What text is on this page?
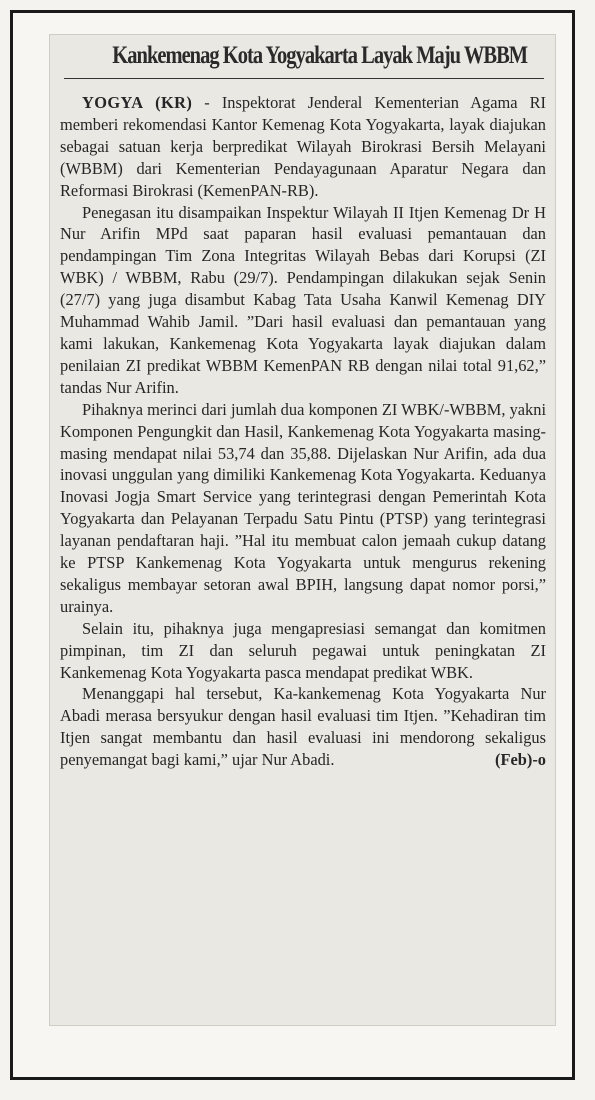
Kankemenag Kota Yogyakarta Layak Maju WBBM

YOGYA (KR) - Inspektorat Jenderal Kementerian Agama RI memberi rekomendasi Kantor Kemenag Kota Yogyakarta, layak diajukan sebagai satuan kerja berpredikat Wilayah Birokrasi Bersih Melayani (WBBM) dari Kementerian Pendayagunaan Aparatur Negara dan Reformasi Birokrasi (KemenPAN-RB).

Penegasan itu disampaikan Inspektur Wilayah II Itjen Kemenag Dr H Nur Arifin MPd saat paparan hasil evaluasi pemantauan dan pendampingan Tim Zona Integritas Wilayah Bebas dari Korupsi (ZI WBK) / WBBM, Rabu (29/7). Pendampingan dilakukan sejak Senin (27/7) yang juga disambut Kabag Tata Usaha Kanwil Kemenag DIY Muhammad Wahib Jamil. ”Dari hasil evaluasi dan pemantauan yang kami lakukan, Kankemenag Kota Yogyakarta layak diajukan dalam penilaian ZI predikat WBBM KemenPAN RB dengan nilai total 91,62,” tandas Nur Arifin.

Pihaknya merinci dari jumlah dua komponen ZI WBK/-WBBM, yakni Komponen Pengungkit dan Hasil, Kankemenag Kota Yogyakarta masing-masing mendapat nilai 53,74 dan 35,88. Dijelaskan Nur Arifin, ada dua inovasi unggulan yang dimiliki Kankemenag Kota Yogyakarta. Keduanya Inovasi Jogja Smart Service yang terintegrasi dengan Pemerintah Kota Yogyakarta dan Pelayanan Terpadu Satu Pintu (PTSP) yang terintegrasi layanan pendaftaran haji. ”Hal itu membuat calon jemaah cukup datang ke PTSP Kankemenag Kota Yogyakarta untuk mengurus rekening sekaligus membayar setoran awal BPIH, langsung dapat nomor porsi,” urainya.

Selain itu, pihaknya juga mengapresiasi semangat dan komitmen pimpinan, tim ZI dan seluruh pegawai untuk peningkatan ZI Kankemenag Kota Yogyakarta pasca mendapat predikat WBK.

Menanggapi hal tersebut, Ka-kankemenag Kota Yogyakarta Nur Abadi merasa bersyukur dengan hasil evaluasi tim Itjen. ”Kehadiran tim Itjen sangat membantu dan hasil evaluasi ini mendorong sekaligus penyemangat bagi kami,” ujar Nur Abadi.	(Feb)-o
